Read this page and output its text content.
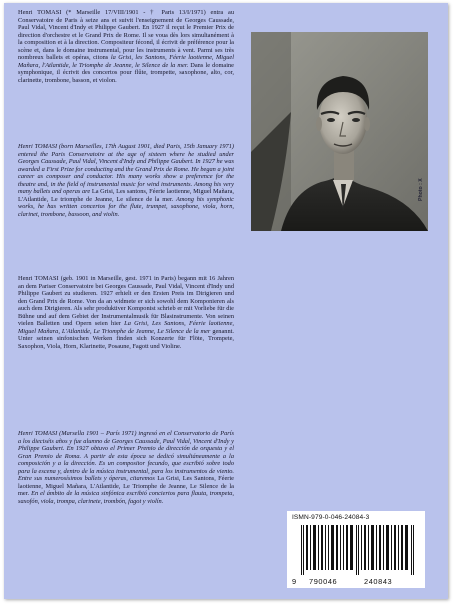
Henri TOMASI (* Marseille 17/VIII/1901 - † Paris 13/I/1971) entra au Conservatoire de Paris à seize ans et suivit l'enseignement de Georges Caussade, Paul Vidal, Vincent d'Indy et Philippe Gaubert. En 1927 il reçut le Premier Prix de direction d'orchestre et le Grand Prix de Rome. Il se voua dès lors simultanément à la composition et à la direction. Compositeur fécond, il écrivit de préférence pour la scène et, dans le domaine instrumental, pour les instruments à vent. Parmi ses très nombreux ballets et opéras, citons la Grisi, les Santons, Féerie laotienne, Miguel Mañara, l'Atlantide, le Triomphe de Jeanne, le Silence de la mer. Dans le domaine symphonique, il écrivit des concertos pour flûte, trompette, saxophone, alto, cor, clarinette, trombone, basson, et violon.

Henri TOMASI (born Marseilles, 17th August 1901, died Paris, 15th January 1971) entered the Paris Conservatoire at the age of sixteen where he studied under Georges Caussade, Paul Vidal, Vincent d'Indy and Philippe Gaubert. In 1927 he was awarded a First Prize for conducting and the Grand Prix de Rome. He began a joint career as composer and conductor. His many works show a preference for the theatre and, in the field of instrumental music for wind instruments. Among his very many ballets and operas are La Grisi, Les santons, Féerie laotienne, Miguel Mañara, L'Atlantide, Le triomphe de Jeanne, Le silence de la mer. Among his symphonic works, he has written concertos for the flute, trumpet, saxophone, viola, horn, clarinet, trombone, bassoon, and violin.

Henri TOMASI (geb. 1901 in Marseille, gest. 1971 in Paris) begann mit 16 Jahren an dem Pariser Conservatoire bei Georges Caussade, Paul Vidal, Vincent d'Indy und Philippe Gaubert zu studieren. 1927 erhielt er den Ersten Preis im Dirigieren und den Grand Prix de Rome. Von da an widmete er sich sowohl dem Komponieren als auch dem Dirigieren. Als sehr produktiver Komponist schrieb er mit Vorliebe für die Bühne und auf dem Gebiet der Instrumentalmusik für Blasinstrumente. Von seinen vielen Balletten und Opern seien hier La Grisi, Les Santons, Féerie laotienne, Miguel Mañara, L'Atlantide, Le Triomphe de Jeanne, Le Silence de la mer genannt. Unter seinen sinfonischen Werken finden sich Konzerte für Flöte, Trompete, Saxophon, Viola, Horn, Klarinette, Posaune, Fagott und Violine.

Henri TOMASI (Marsella 1901 – París 1971) ingresó en el Conservatorio de París a los dieciséis años y fue alumno de Georges Caussade, Paul Vidal, Vincent d'Indy y Philippe Gaubert. En 1927 obtuvo el Primer Premio de dirección de orquesta y el Gran Premio de Roma. A partir de esta época se dedicó simultáneamente a la composición y a la dirección. Es un compositor fecundo, que escribió sobre todo para la escena y, dentro de la música instrumental, para los instrumentos de viento. Entre sus numerosísimos ballets y óperas, citaremos La Grisi, Les Santons, Féerie laotienne, Miguel Mañara, L'Atlantide, Le Triomphe de Jeanne, Le Silence de la mer. En el ámbito de la música sinfónica escribió conciertos para flauta, trompeta, saxofón, viola, trompa, clarinete, trombón, fagot y violín.

Photo : X
ISMN-979-0-046-24084-3
9 790046	240843
